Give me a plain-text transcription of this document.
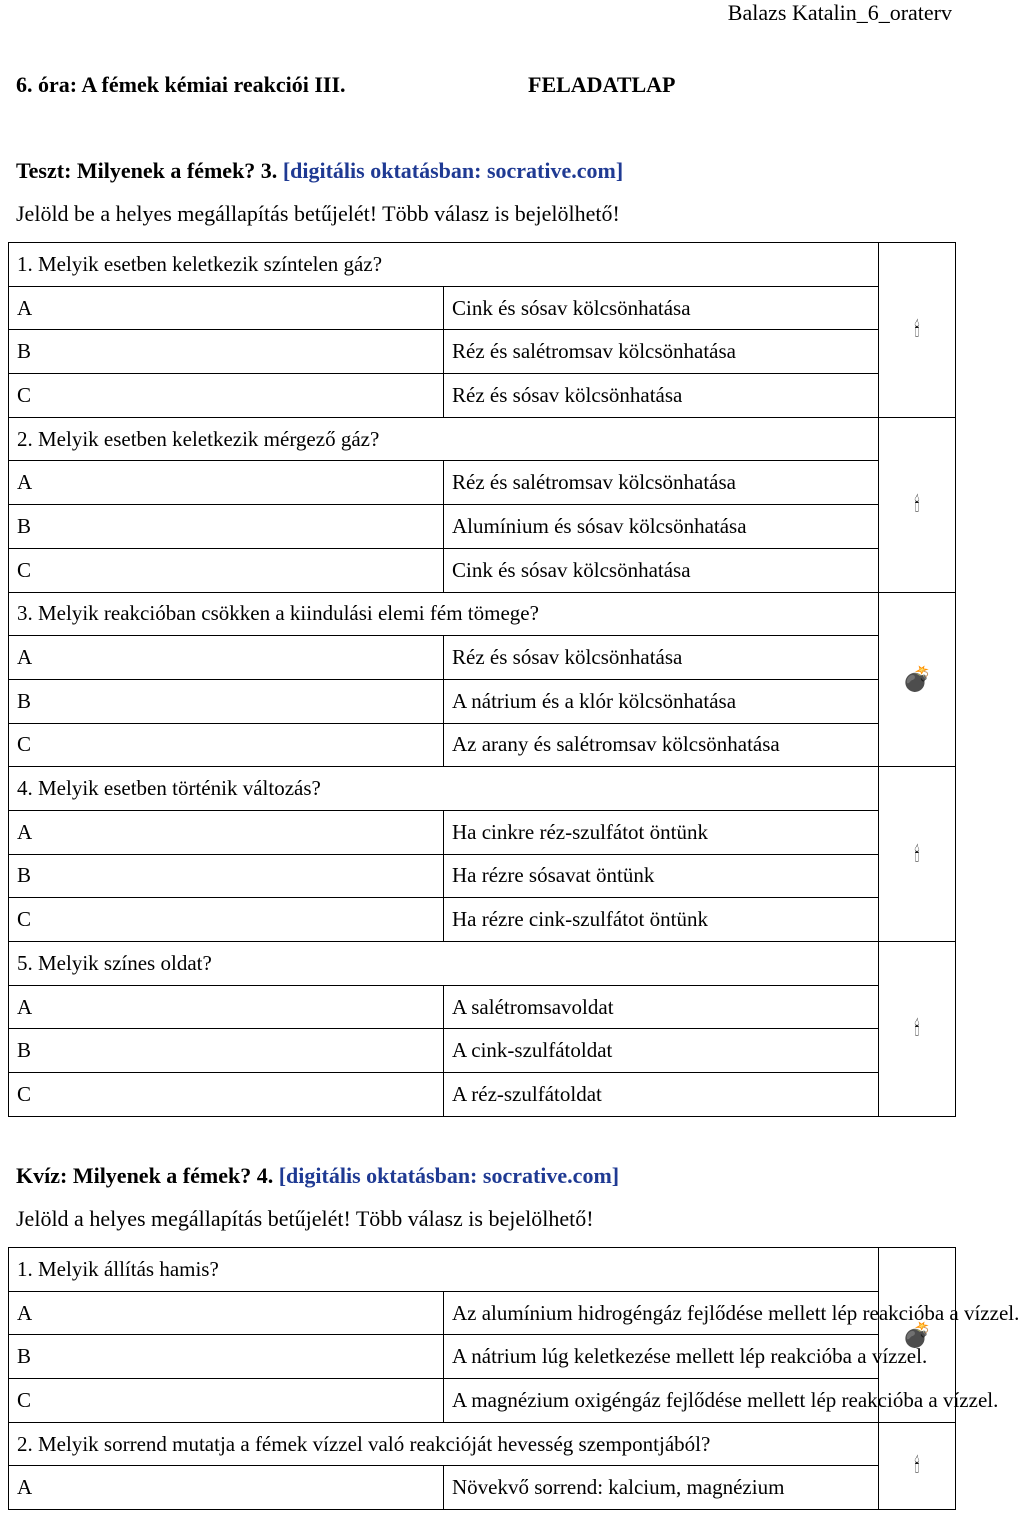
Balazs Katalin_6_oraterv
6. óra: A fémek kémiai reakciói III.	FELADATLAP
Teszt: Milyenek a fémek? 3. [digitális oktatásban: socrative.com]
Jelöld be a helyes megállapítás betűjelét! Több válasz is bejelölhető!
1. Melyik esetben keletkezik színtelen gáz?		🕯
A	Cink és sósav kölcsönhatása	
B	Réz és salétromsav kölcsönhatása	
C	Réz és sósav kölcsönhatása	
2. Melyik esetben keletkezik mérgező gáz?		🕯
A	Réz és salétromsav kölcsönhatása	
B	Alumínium és sósav kölcsönhatása	
C	Cink és sósav kölcsönhatása	
3. Melyik reakcióban csökken a kiindulási elemi fém tömege?		💣
A	Réz és sósav kölcsönhatása	
B	A nátrium és a klór kölcsönhatása	
C	Az arany és salétromsav kölcsönhatása	
4. Melyik esetben történik változás?		🕯
A	Ha cinkre réz-szulfátot öntünk	
B	Ha rézre sósavat öntünk	
C	Ha rézre cink-szulfátot öntünk	
5. Melyik színes oldat?		🕯
A	A salétromsavoldat	
B	A cink-szulfátoldat	
C	A réz-szulfátoldat	
Kvíz: Milyenek a fémek? 4. [digitális oktatásban: socrative.com]
Jelöld a helyes megállapítás betűjelét! Több válasz is bejelölhető!
1. Melyik állítás hamis?		💣
A	Az alumínium hidrogéngáz fejlődése mellett lép reakcióba a vízzel.	
B	A nátrium lúg keletkezése mellett lép reakcióba a vízzel.	
C	A magnézium oxigéngáz fejlődése mellett lép reakcióba a vízzel.	
2. Melyik sorrend mutatja a fémek vízzel való reakcióját hevesség szempontjából?		🕯
A	Növekvő sorrend: kalcium, magnézium	
